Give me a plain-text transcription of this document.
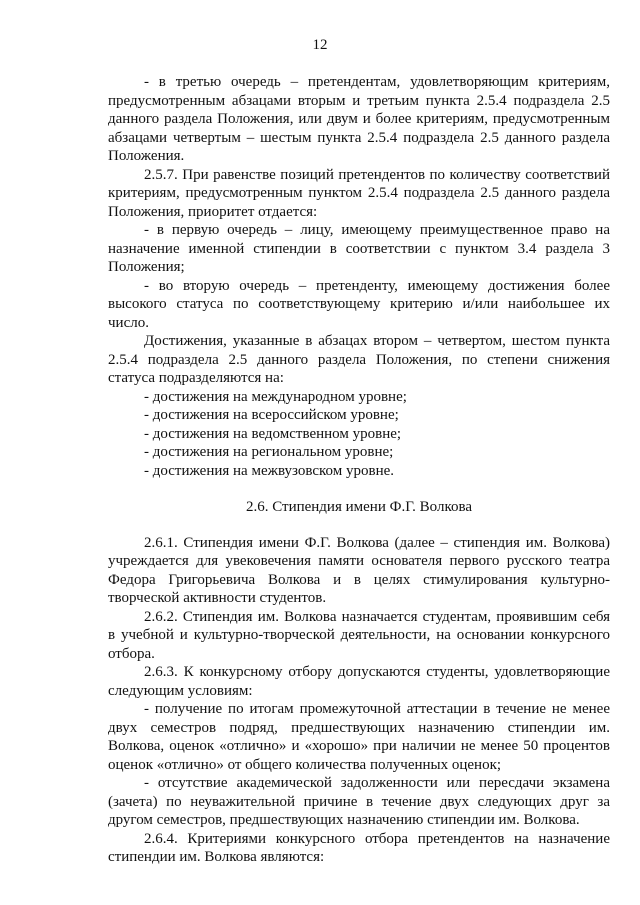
12

- в третью очередь – претендентам, удовлетворяющим критериям, предусмотренным абзацами вторым и третьим пункта 2.5.4 подраздела 2.5 данного раздела Положения, или двум и более критериям, предусмотренным абзацами четвертым – шестым пункта 2.5.4 подраздела 2.5 данного раздела Положения.

2.5.7. При равенстве позиций претендентов по количеству соответствий критериям, предусмотренным пунктом 2.5.4 подраздела 2.5 данного раздела Положения, приоритет отдается:

- в первую очередь – лицу, имеющему преимущественное право на назначение именной стипендии в соответствии с пунктом 3.4 раздела 3 Положения;

- во вторую очередь – претенденту, имеющему достижения более высокого статуса по соответствующему критерию и/или наибольшее их число.

Достижения, указанные в абзацах втором – четвертом, шестом пункта 2.5.4 подраздела 2.5 данного раздела Положения, по степени снижения статуса подразделяются на:

- достижения на международном уровне;

- достижения на всероссийском уровне;

- достижения на ведомственном уровне;

- достижения на региональном уровне;

- достижения на межвузовском уровне.

2.6. Стипендия имени Ф.Г. Волкова

2.6.1. Стипендия имени Ф.Г. Волкова (далее – стипендия им. Волкова) учреждается для увековечения памяти основателя первого русского театра Федора Григорьевича Волкова и в целях стимулирования культурно-творческой активности студентов.

2.6.2. Стипендия им. Волкова назначается студентам, проявившим себя в учебной и культурно-творческой деятельности, на основании конкурсного отбора.

2.6.3. К конкурсному отбору допускаются студенты, удовлетворяющие следующим условиям:

- получение по итогам промежуточной аттестации в течение не менее двух семестров подряд, предшествующих назначению стипендии им. Волкова, оценок «отлично» и «хорошо» при наличии не менее 50 процентов оценок «отлично» от общего количества полученных оценок;

- отсутствие академической задолженности или пересдачи экзамена (зачета) по неуважительной причине в течение двух следующих друг за другом семестров, предшествующих назначению стипендии им. Волкова.

2.6.4. Критериями конкурсного отбора претендентов на назначение стипендии им. Волкова являются:
